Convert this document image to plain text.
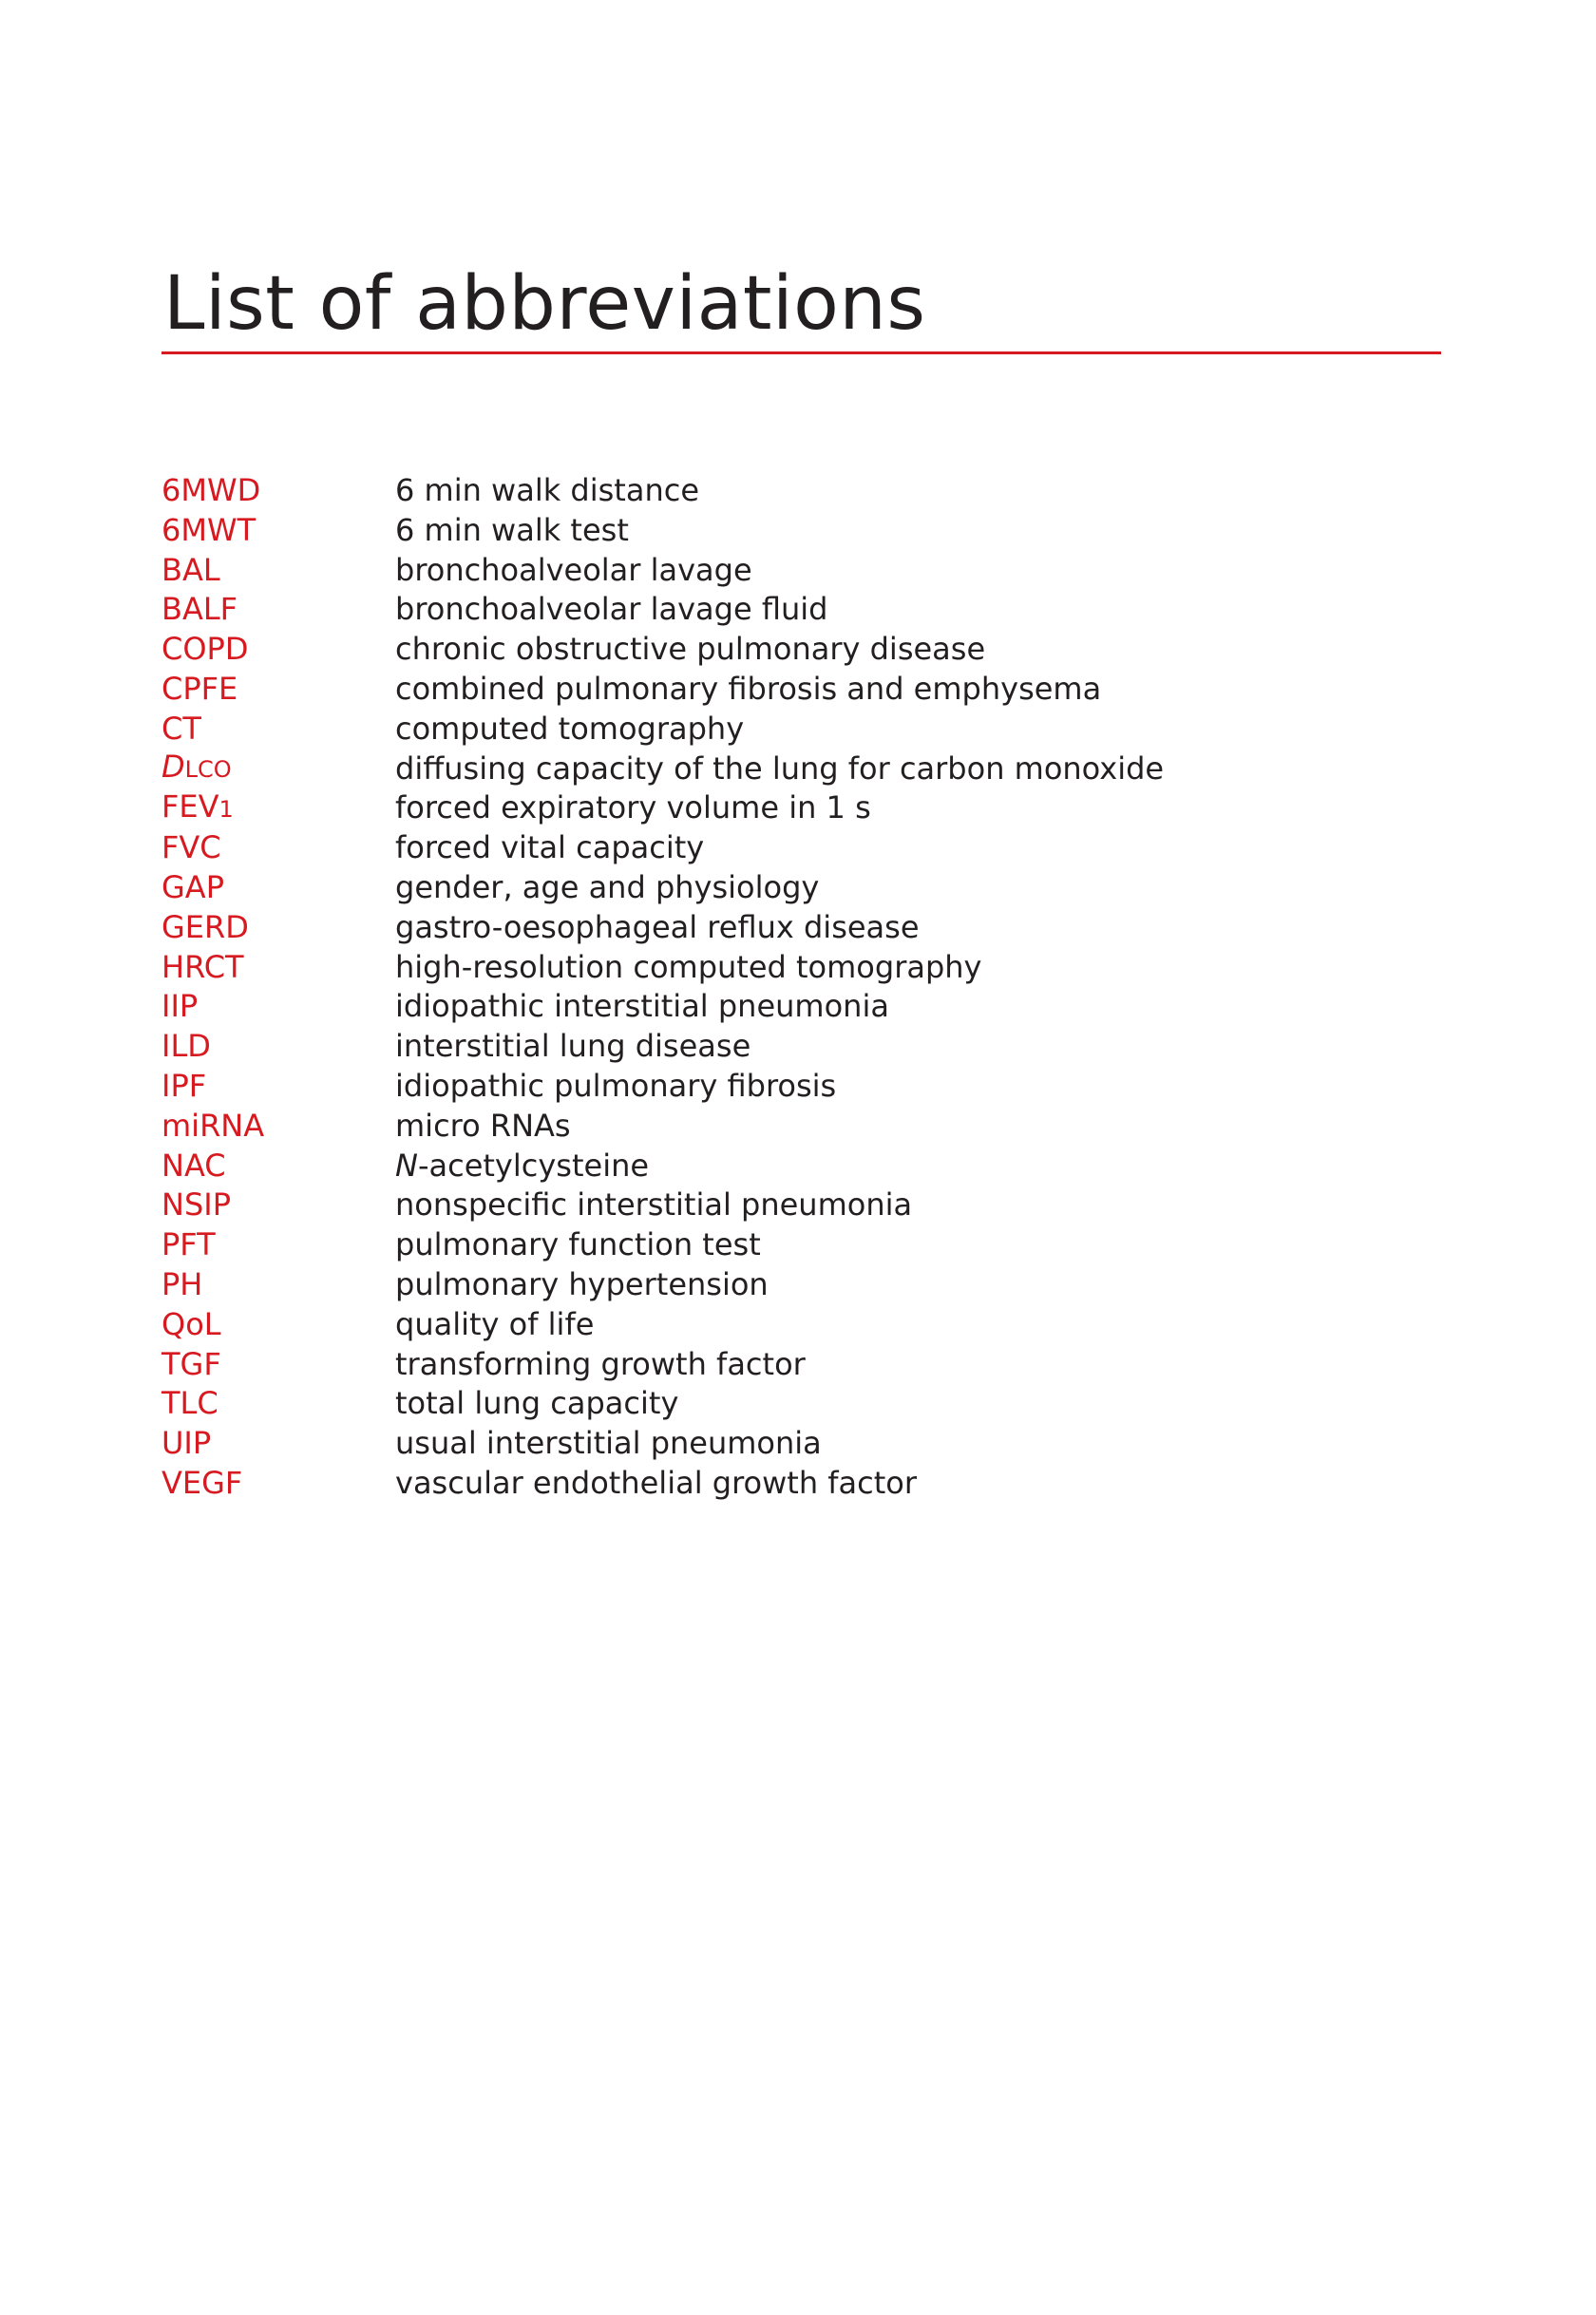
List of abbreviations
6MWD	6 min walk distance
6MWT	6 min walk test
BAL	bronchoalveolar lavage
BALF	bronchoalveolar lavage fluid
COPD	chronic obstructive pulmonary disease
CPFE	combined pulmonary fibrosis and emphysema
CT	computed tomography
DLCO	diffusing capacity of the lung for carbon monoxide
FEV1	forced expiratory volume in 1 s
FVC	forced vital capacity
GAP	gender, age and physiology
GERD	gastro-oesophageal reflux disease
HRCT	high-resolution computed tomography
IIP	idiopathic interstitial pneumonia
ILD	interstitial lung disease
IPF	idiopathic pulmonary fibrosis
miRNA	micro RNAs
NAC	N-acetylcysteine
NSIP	nonspecific interstitial pneumonia
PFT	pulmonary function test
PH	pulmonary hypertension
QoL	quality of life
TGF	transforming growth factor
TLC	total lung capacity
UIP	usual interstitial pneumonia
VEGF	vascular endothelial growth factor
